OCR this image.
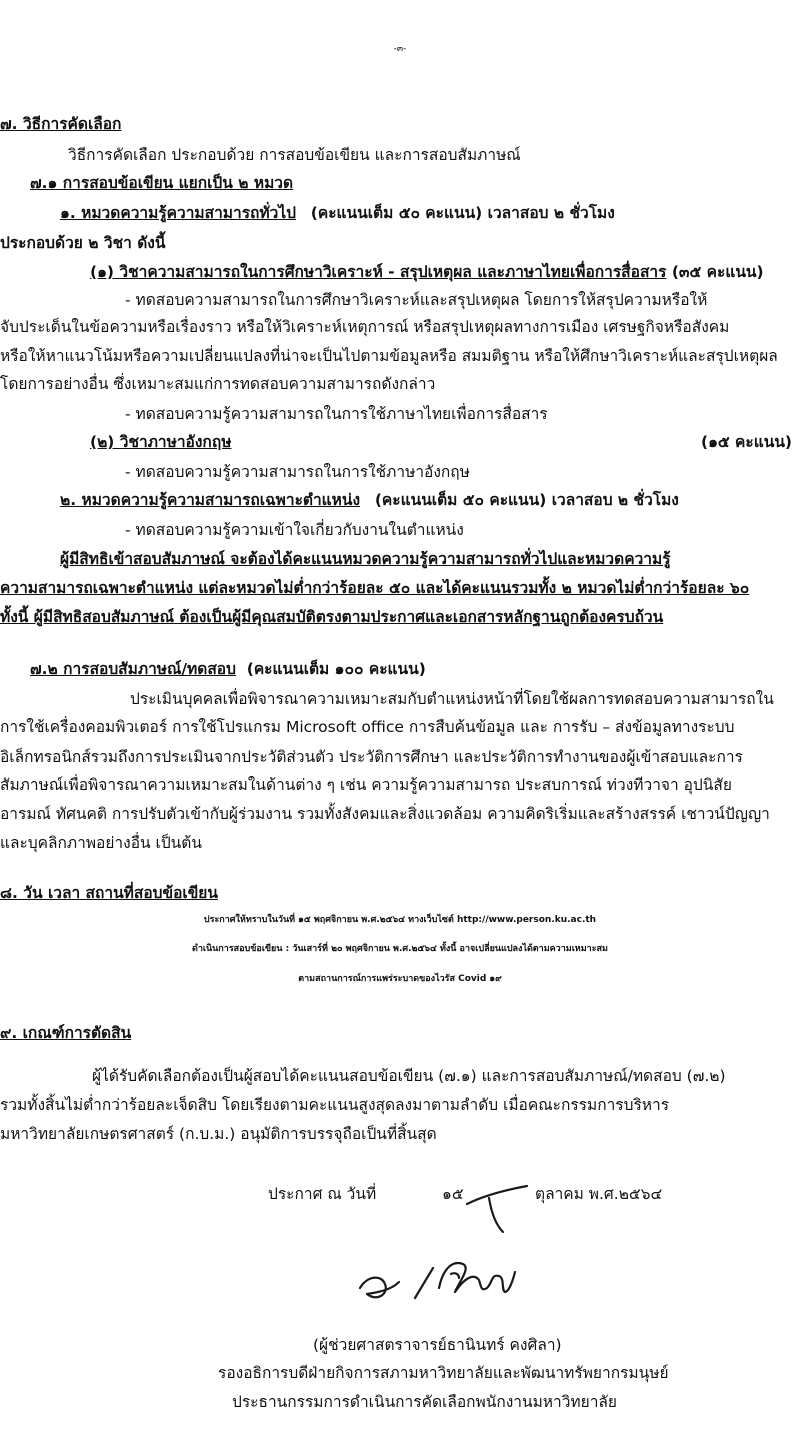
-๓-
๗. วิธีการคัดเลือก
วิธีการคัดเลือก ประกอบด้วย การสอบข้อเขียน และการสอบสัมภาษณ์
๗.๑ การสอบข้อเขียน แยกเป็น ๒ หมวด
๑. หมวดความรู้ความสามารถทั่วไป (คะแนนเต็ม ๕๐ คะแนน) เวลาสอบ ๒ ชั่วโมง
ประกอบด้วย ๒ วิชา ดังนี้
(๑) วิชาความสามารถในการศึกษาวิเคราะห์ - สรุปเหตุผล และภาษาไทยเพื่อการสื่อสาร (๓๕ คะแนน)
- ทดสอบความสามารถในการศึกษาวิเคราะห์และสรุปเหตุผล โดยการให้สรุปความหรือให้
จับประเด็นในข้อความหรือเรื่องราว หรือให้วิเคราะห์เหตุการณ์ หรือสรุปเหตุผลทางการเมือง เศรษฐกิจหรือสังคม
หรือให้หาแนวโน้มหรือความเปลี่ยนแปลงที่น่าจะเป็นไปตามข้อมูลหรือ สมมติฐาน หรือให้ศึกษาวิเคราะห์และสรุปเหตุผล
โดยการอย่างอื่น ซึ่งเหมาะสมแก่การทดสอบความสามารถดังกล่าว
- ทดสอบความรู้ความสามารถในการใช้ภาษาไทยเพื่อการสื่อสาร
(๒) วิชาภาษาอังกฤษ	(๑๕ คะแนน)
- ทดสอบความรู้ความสามารถในการใช้ภาษาอังกฤษ
๒. หมวดความรู้ความสามารถเฉพาะตำแหน่ง (คะแนนเต็ม ๕๐ คะแนน) เวลาสอบ ๒ ชั่วโมง
- ทดสอบความรู้ความเข้าใจเกี่ยวกับงานในตำแหน่ง
ผู้มีสิทธิเข้าสอบสัมภาษณ์ จะต้องได้คะแนนหมวดความรู้ความสามารถทั่วไปและหมวดความรู้
ความสามารถเฉพาะตำแหน่ง แต่ละหมวดไม่ต่ำกว่าร้อยละ ๕๐ และได้คะแนนรวมทั้ง ๒ หมวดไม่ต่ำกว่าร้อยละ ๖๐
ทั้งนี้ ผู้มีสิทธิสอบสัมภาษณ์ ต้องเป็นผู้มีคุณสมบัติตรงตามประกาศและเอกสารหลักฐานถูกต้องครบถ้วน
๗.๒ การสอบสัมภาษณ์/ทดสอบ (คะแนนเต็ม ๑๐๐ คะแนน)
ประเมินบุคคลเพื่อพิจารณาความเหมาะสมกับตำแหน่งหน้าที่โดยใช้ผลการทดสอบความสามารถใน
การใช้เครื่องคอมพิวเตอร์ การใช้โปรแกรม Microsoft office การสืบค้นข้อมูล และ การรับ – ส่งข้อมูลทางระบบ
อิเล็กทรอนิกส์รวมถึงการประเมินจากประวัติส่วนตัว ประวัติการศึกษา และประวัติการทำงานของผู้เข้าสอบและการ
สัมภาษณ์เพื่อพิจารณาความเหมาะสมในด้านต่าง ๆ เช่น ความรู้ความสามารถ ประสบการณ์ ท่วงทีวาจา อุปนิสัย
อารมณ์ ทัศนคติ การปรับตัวเข้ากับผู้ร่วมงาน รวมทั้งสังคมและสิ่งแวดล้อม ความคิดริเริ่มและสร้างสรรค์ เชาวน์ปัญญา
และบุคลิกภาพอย่างอื่น เป็นต้น
๘. วัน เวลา สถานที่สอบข้อเขียน
ประกาศให้ทราบในวันที่ ๑๕ พฤศจิกายน พ.ศ.๒๕๖๔ ทางเว็บไซต์ http://www.person.ku.ac.th
ดำเนินการสอบข้อเขียน : วันเสาร์ที่ ๒๐ พฤศจิกายน พ.ศ.๒๕๖๔ ทั้งนี้ อาจเปลี่ยนแปลงได้ตามความเหมาะสม
ตามสถานการณ์การแพร่ระบาดของไวรัส Covid ๑๙
๙. เกณฑ์การตัดสิน
ผู้ได้รับคัดเลือกต้องเป็นผู้สอบได้คะแนนสอบข้อเขียน (๗.๑) และการสอบสัมภาษณ์/ทดสอบ (๗.๒)
รวมทั้งสิ้นไม่ต่ำกว่าร้อยละเจ็ดสิบ โดยเรียงตามคะแนนสูงสุดลงมาตามลำดับ เมื่อคณะกรรมการบริหาร
มหาวิทยาลัยเกษตรศาสตร์ (ก.บ.ม.) อนุมัติการบรรจุถือเป็นที่สิ้นสุด
ประกาศ ณ วันที่	๑๕	ตุลาคม พ.ศ.๒๕๖๔
(ผู้ช่วยศาสตราจารย์ธานินทร์ คงศิลา)
รองอธิการบดีฝ่ายกิจการสภามหาวิทยาลัยและพัฒนาทรัพยากรมนุษย์
ประธานกรรมการดำเนินการคัดเลือกพนักงานมหาวิทยาลัย
